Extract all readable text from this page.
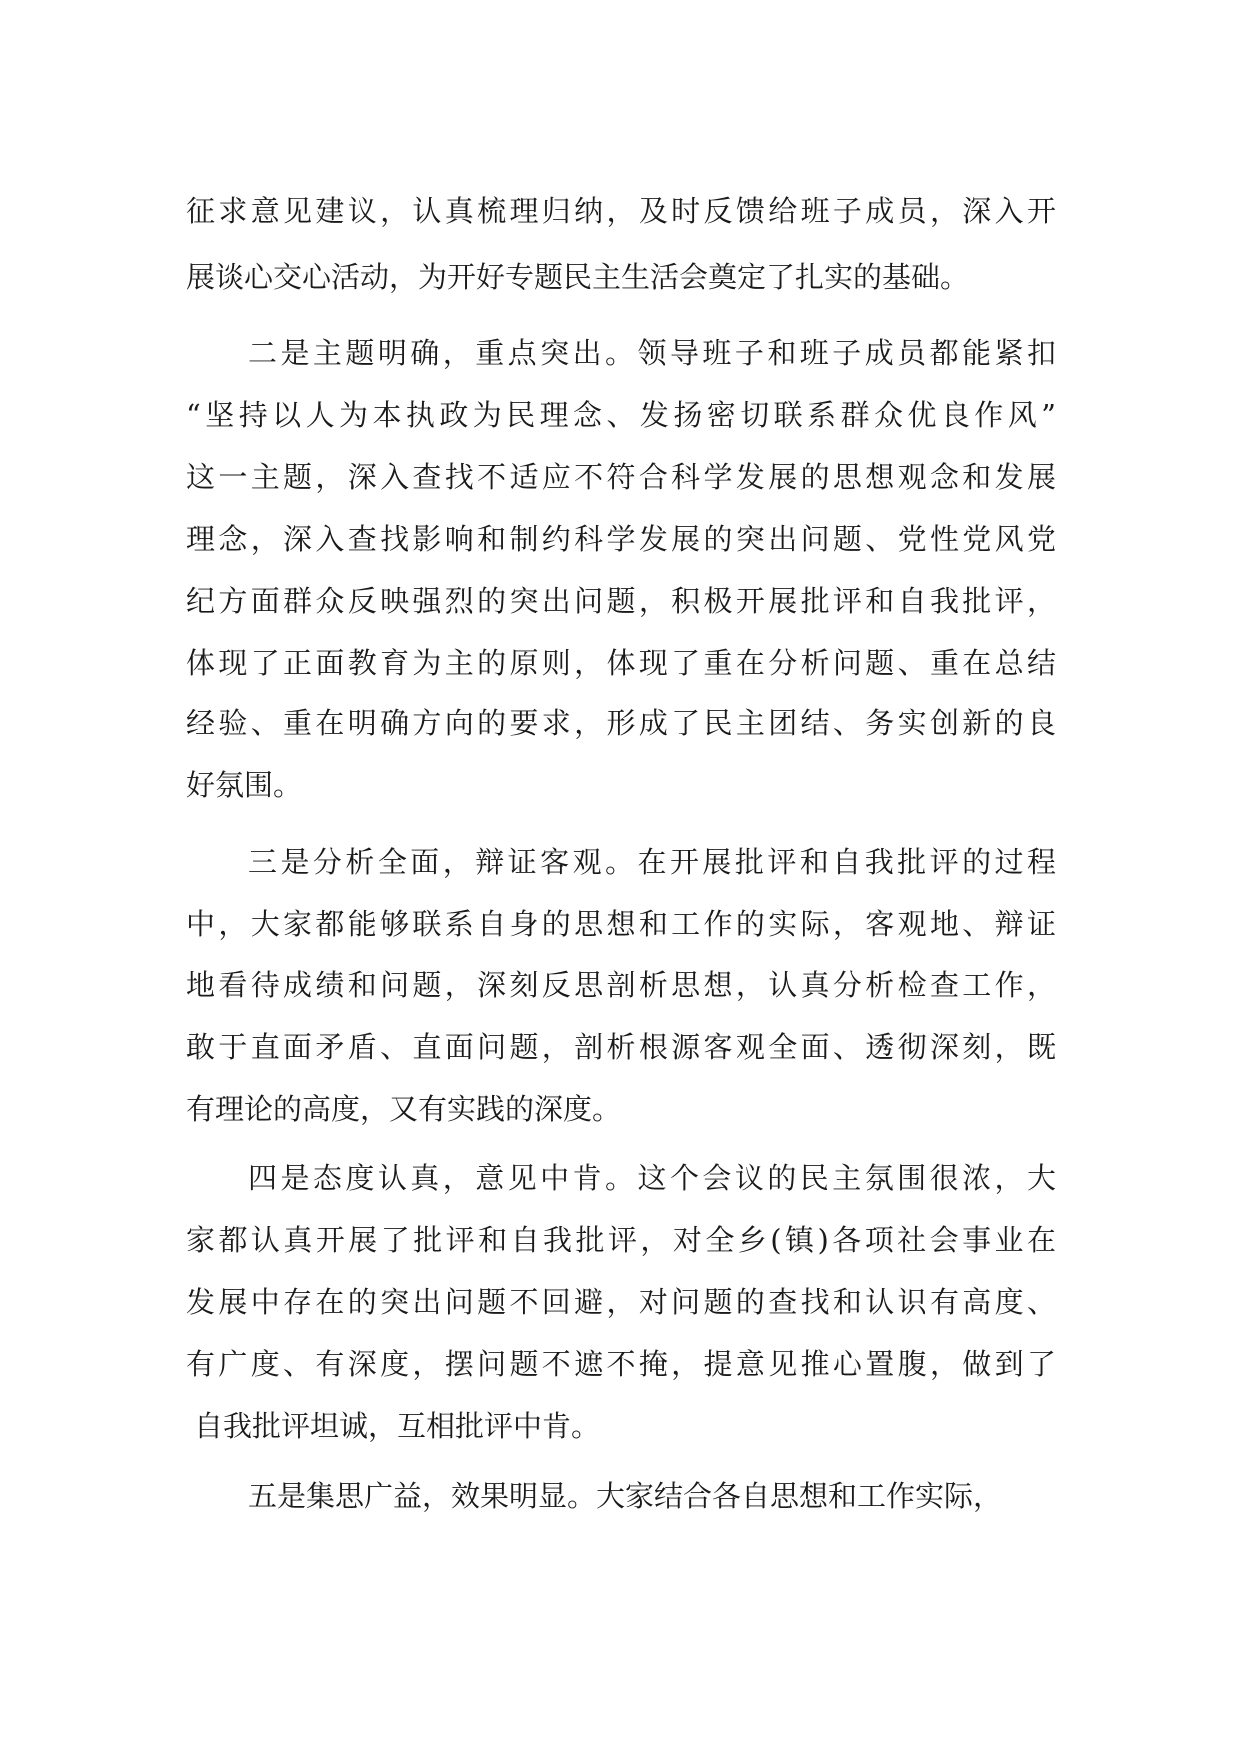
征求意见建议，认真梳理归纳，及时反馈给班子成员，深入开
展谈心交心活动，为开好专题民主生活会奠定了扎实的基础。
二是主题明确，重点突出。领导班子和班子成员都能紧扣
“坚持以人为本执政为民理念、发扬密切联系群众优良作风”
这一主题，深入查找不适应不符合科学发展的思想观念和发展
理念，深入查找影响和制约科学发展的突出问题、党性党风党
纪方面群众反映强烈的突出问题，积极开展批评和自我批评，
体现了正面教育为主的原则，体现了重在分析问题、重在总结
经验、重在明确方向的要求，形成了民主团结、务实创新的良
好氛围。
三是分析全面，辩证客观。在开展批评和自我批评的过程
中，大家都能够联系自身的思想和工作的实际，客观地、辩证
地看待成绩和问题，深刻反思剖析思想，认真分析检查工作，
敢于直面矛盾、直面问题，剖析根源客观全面、透彻深刻，既
有理论的高度，又有实践的深度。
四是态度认真，意见中肯。这个会议的民主氛围很浓，大
家都认真开展了批评和自我批评，对全乡(镇)各项社会事业在
发展中存在的突出问题不回避，对问题的查找和认识有高度、
有广度、有深度，摆问题不遮不掩，提意见推心置腹，做到了
自我批评坦诚，互相批评中肯。
五是集思广益，效果明显。大家结合各自思想和工作实际，
